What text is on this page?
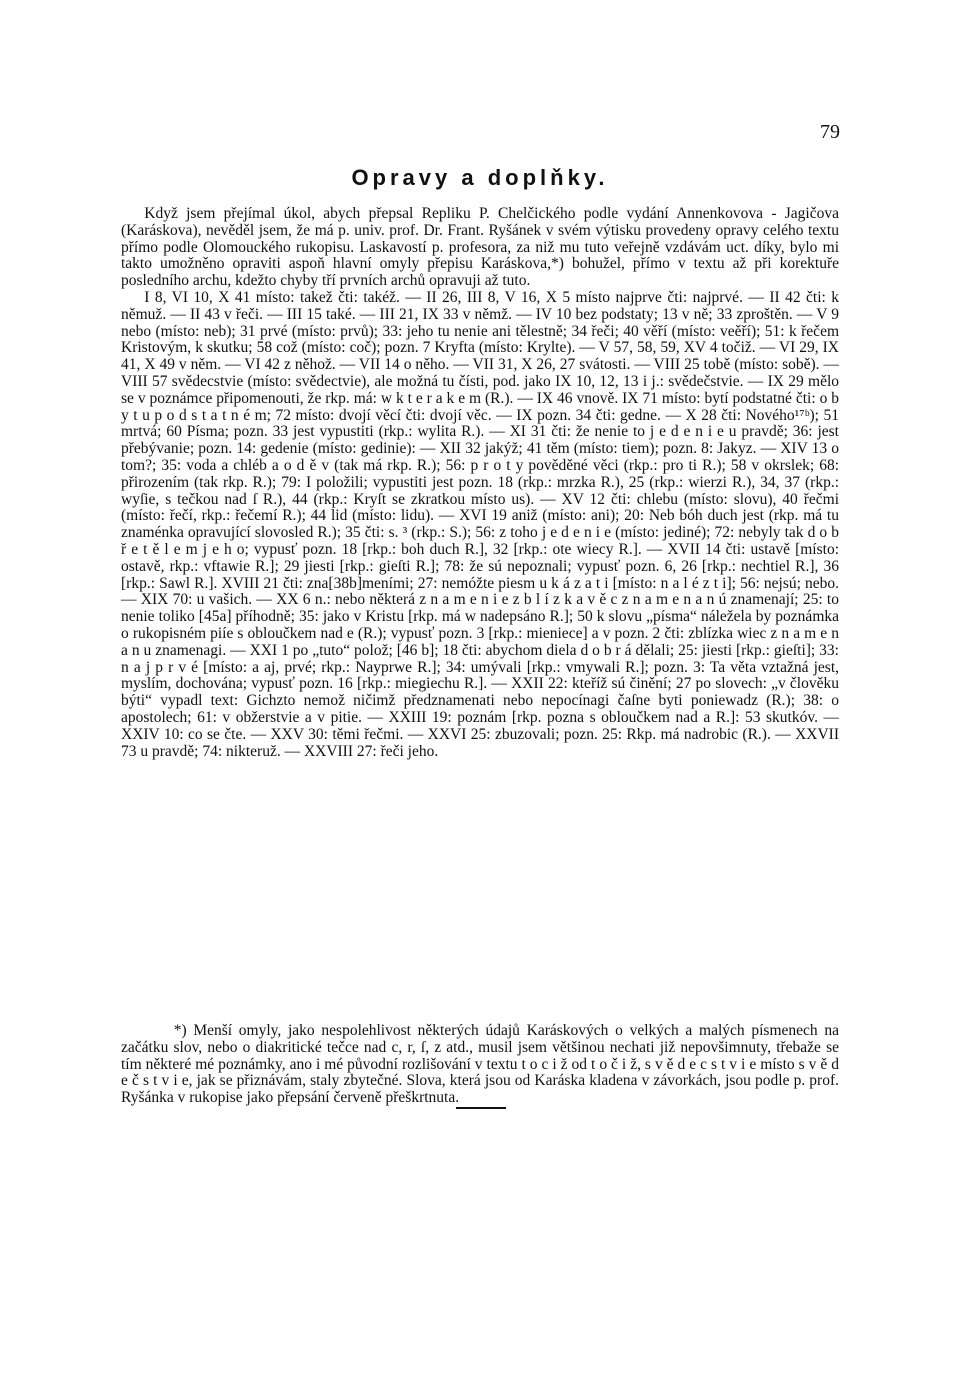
79
Opravy a doplňky.

Když jsem přejímal úkol, abych přepsal Repliku P. Chelčického podle vydání Annenkovova - Jagičova (Karáskova), nevěděl jsem, že má p. univ. prof. Dr. Frant. Ryšánek v svém výtisku provedeny opravy celého textu přímo podle Olomouckého rukopisu. Laskavostí p. profesora, za niž mu tuto veřejně vzdávám uct. díky, bylo mi takto umožněno opraviti aspoň hlavní omyly přepisu Karáskova,*) bohužel, přímo v textu až při korektuře posledního archu, kdežto chyby tří prvních archů opravuji až tuto.

I 8, VI 10, X 41 místo: takež čti: takéž. — II 26, III 8, V 16, X 5 místo najprve čti: najprvé. — II 42 čti: k němuž. — II 43 v řeči. — III 15 také. — III 21, IX 33 v němž. — IV 10 bez podstaty; 13 v ně; 33 zproštěn. — V 9 nebo (místo: neb); 31 prvé (místo: prvů); 33: jeho tu nenie ani tělestně; 34 řeči; 40 věří (místo: veěří); 51: k řečem Kristovým, k skutku; 58 což (místo: coč); pozn. 7 Kryfta (místo: Krylte). — V 57, 58, 59, XV 4 točiž. — VI 29, IX 41, X 49 v něm. — VI 42 z něhož. — VII 14 o něho. — VII 31, X 26, 27 svátosti. — VIII 25 tobě (místo: sobě). — VIII 57 svědecstvie (místo: svědectvie), ale možná tu čísti, pod. jako IX 10, 12, 13 i j.: svědečstvie. — IX 29 mělo se v poznámce připomenouti, že rkp. má: w k t e r a k e m (R.). — IX 46 vnově. IX 71 místo: bytí podstatné čti: o b y t u p o d s t a t n é m; 72 místo: dvojí věcí čti: dvojí věc. — IX pozn. 34 čti: gedne. — X 28 čti: Nového¹⁷ᵇ); 51 mrtvá; 60 Písma; pozn. 33 jest vypustiti (rkp.: wylita R.). — XI 31 čti: že nenie to j e d e n i e u pravdě; 36: jest přebývanie; pozn. 14: gedenie (místo: gedinie): — XII 32 jakýž; 41 těm (místo: tiem); pozn. 8: Jakyz. — XIV 13 o tom?; 35: voda a chléb a o d ě v (tak má rkp. R.); 56: p r o t y pověděné věci (rkp.: pro ti R.); 58 v okrslek; 68: přirozením (tak rkp. R.); 79: I položili; vypustiti jest pozn. 18 (rkp.: mrzka R.), 25 (rkp.: wierzi R.), 34, 37 (rkp.: wyſie, s tečkou nad ſ R.), 44 (rkp.: Kryſt se zkratkou místo us). — XV 12 čti: chlebu (místo: slovu), 40 řečmi (místo: řečí, rkp.: řečemí R.); 44 lid (místo: lidu). — XVI 19 aniž (místo: ani); 20: Neb bóh duch jest (rkp. má tu znaménka opravující slovosled R.); 35 čti: s. ³ (rkp.: S.); 56: z toho j e d e n i e (místo: jediné); 72: nebyly tak d o b ř e t ě l e m j e h o; vypusť pozn. 18 [rkp.: boh duch R.], 32 [rkp.: ote wiecy R.]. — XVII 14 čti: ustavě [místo: ostavě, rkp.: vftawie R.]; 29 jiesti [rkp.: gieſti R.]; 78: že sú nepoznali; vypusť pozn. 6, 26 [rkp.: nechtiel R.], 36 [rkp.: Sawl R.]. XVIII 21 čti: zna[38b]meními; 27: nemóžte piesm u k á z a t i [místo: n a l é z t i]; 56: nejsú; nebo. — XIX 70: u vašich. — XX 6 n.: nebo některá z n a m e n i e z b l í z k a v ě c z n a m e n a n ú znamenají; 25: to nenie toliko [45a] příhodně; 35: jako v Kristu [rkp. má w nadepsáno R.]; 50 k slovu „písma“ náležela by poznámka o rukopisném piíe s obloučkem nad e (R.); vypusť pozn. 3 [rkp.: mieniece] a v pozn. 2 čti: zblízka wiec z n a m e n a n u znamenagi. — XXI 1 po „tuto“ polož; [46 b]; 18 čti: abychom diela d o b r á dělali; 25: jiesti [rkp.: gieſti]; 33: n a j p r v é [místo: a aj, prvé; rkp.: Nayprwe R.]; 34: umývali [rkp.: vmywali R.]; pozn. 3: Ta věta vztažná jest, myslím, dochována; vypusť pozn. 16 [rkp.: miegiechu R.]. — XXII 22: kteříž sú činění; 27 po slovech: „v člověku býti“ vypadl text: Gichzto nemož ničimž předznamenati nebo nepocínagi čaſne byti poniewadz (R.); 38: o apostolech; 61: v obžerstvie a v pitie. — XXIII 19: poznám [rkp. pozna s obloučkem nad a R.]: 53 skutkóv. — XXIV 10: co se čte. — XXV 30: těmi řečmi. — XXVI 25: zbuzovali; pozn. 25: Rkp. má nadrobic (R.). — XXVII 73 u pravdě; 74: nikteruž. — XXVIII 27: řeči jeho.

*) Menší omyly, jako nespolehlivost některých údajů Karáskových o velkých a malých písmenech na začátku slov, nebo o diakritické tečce nad c, r, ſ, z atd., musil jsem většinou nechati již nepovšimnuty, třebaže se tím některé mé poznámky, ano i mé původní rozlišování v textu t o c i ž od t o č i ž, s v ě d e c s t v i e místo s v ě d e č s t v i e, jak se přiznávám, staly zbytečné. Slova, která jsou od Karáska kladena v závorkách, jsou podle p. prof. Ryšánka v rukopise jako přepsání červeně přeškrtnuta.
